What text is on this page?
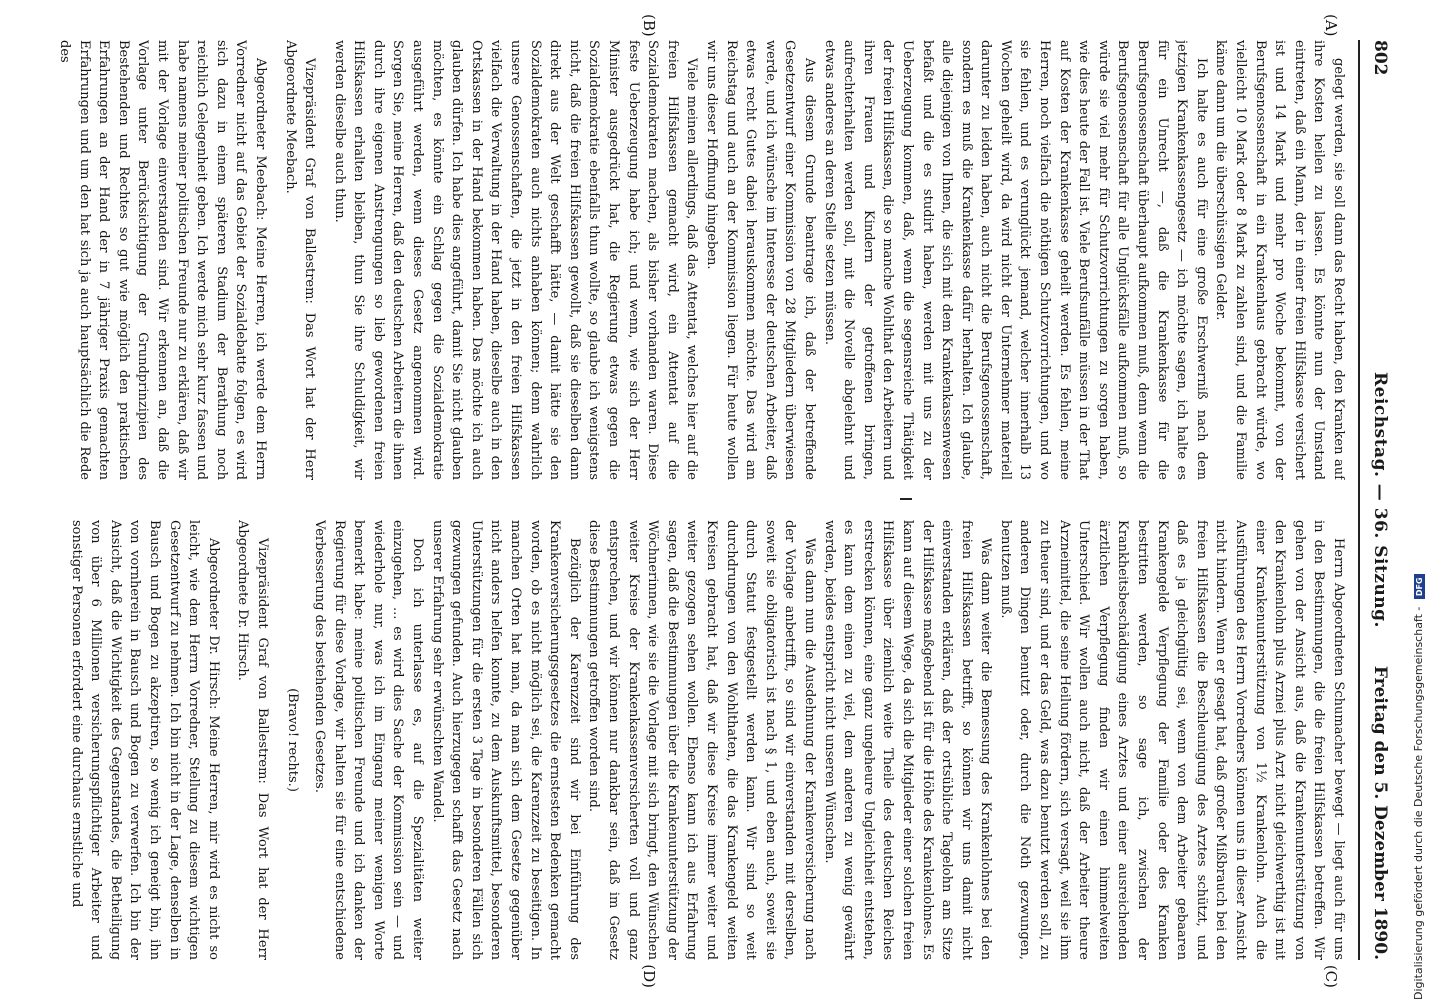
802
Reichstag. — 36. Sitzung.
Freitag den 5. Dezember 1890.
(A)
(B)
(C)
(D)

gelegt werden, sie soll dann das Recht haben, den Kranken auf ihre Kosten heilen zu lassen. Es könnte nun der Umstand eintreten, daß ein Mann, der in einer freien Hilfskasse versichert ist und 14 Mark und mehr pro Woche bekommt, von der Berufsgenossenschaft in ein Krankenhaus gebracht würde, wo vielleicht 10 Mark oder 8 Mark zu zahlen sind, und die Familie käme dann um die überschüssigen Gelder.

Ich halte es auch für eine große Erschwerniß nach dem jetzigen Krankenkassengesetz — ich möchte sagen, ich halte es für ein Unrecht —, daß die Krankenkasse für die Berufsgenossenschaft überhaupt aufkommen muß, denn wenn die Berufsgenossenschaft für alle Unglücksfälle aufkommen muß, so würde sie viel mehr für Schutzvorrichtungen zu sorgen haben, wie dies heute der Fall ist. Viele Berufsunfälle müssen in der That auf Kosten der Krankenkasse geheilt werden. Es fehlen, meine Herren, noch vielfach die nöthigen Schutzvorrichtungen, und wo sie fehlen, und es verunglückt jemand, welcher innerhalb 13 Wochen geheilt wird, da wird nicht der Unternehmer materiell darunter zu leiden haben, auch nicht die Berufsgenossenschaft, sondern es muß die Krankenkasse dafür herhalten. Ich glaube, alle diejenigen von Ihnen, die sich mit dem Krankenkassenwesen befaßt und die es studirt haben, werden mit uns zu der Ueberzeugung kommen, daß, wenn die segensreiche Thätigkeit der freien Hilfskassen, die so manche Wohlthat den Arbeitern und ihren Frauen und Kindern der getroffenen bringen, aufrechterhalten werden soll, mit die Novelle abgelehnt und etwas anderes an deren Stelle setzen müssen.

Aus diesem Grunde beantrage ich, daß der betreffende Gesetzentwurf einer Kommission von 28 Mitgliedern überwiesen werde, und ich wünsche im Interesse der deutschen Arbeiter, daß etwas recht Gutes dabei herauskommen möchte. Das wird am Reichstag und auch an der Kommission liegen. Für heute wollen wir uns dieser Hoffnung hingeben.

Viele meinen allerdings, daß das Attentat, welches hier auf die freien Hilfskassen gemacht wird, ein Attentat auf die Sozialdemokraten machen, als bisher vorhanden waren. Diese feste Ueberzeugung habe ich; und wenn, wie sich der Herr Minister ausgedrückt hat, die Regierung etwas gegen die Sozialdemokratie ebenfalls thun wollte, so glaube ich wenigstens nicht, daß die freien Hilfskassen gewollt, daß sie dieselben dann direkt aus der Welt geschafft hätte, — damit hätte sie den Sozialdemokraten auch nichts anhaben können; denn wahrlich unsere Genossenschaften, die jetzt in den freien Hilfskassen vielfach die Verwaltung in der Hand haben, dieselbe auch in den Ortskassen in der Hand bekommen haben. Das möchte ich auch glauben dürfen. Ich habe dies angeführt, damit Sie nicht glauben möchten, es könnte ein Schlag gegen die Sozialdemokratie ausgeführt werden, wenn dieses Gesetz angenommen wird. Sorgen Sie, meine Herren, daß den deutschen Arbeitern die ihnen durch ihre eigenen Anstrengungen so lieb gewordenen freien Hilfskassen erhalten bleiben, thun Sie ihre Schuldigkeit, wir werden dieselbe auch thun.

Vizepräsident Graf von Ballestrem: Das Wort hat der Herr Abgeordnete Meebach.

Abgeordneter Meebach: Meine Herren, ich werde dem Herrn Vorredner nicht auf das Gebiet der Sozialdebatte folgen, es wird sich dazu in einem späteren Stadium der Berathung noch reichlich Gelegenheit geben. Ich werde mich sehr kurz fassen und habe namens meiner politischen Freunde nur zu erklären, daß wir mit der Vorlage einverstanden sind. Wir erkennen an, daß die Vorlage unter Berücksichtigung der Grundprinzipien des Bestehenden und Rechtes so gut wie möglich den praktischen Erfahrungen an der Hand der in 7 jähriger Praxis gemachten Erfahrungen und um den hat sich ja auch hauptsächlich die Rede des

Herrn Abgeordneten Schumacher bewegt — liegt auch für uns in den Bestimmungen, die die freien Hilfskassen betreffen. Wir gehen von der Ansicht aus, daß die Krankenunterstützung von den Krankenlohn plus Arznei plus Arzt nicht gleichwerthig ist mit einer Krankenunterstützung von 1½ Krankenlohn. Auch die Ausführungen des Herrn Vorredners können uns in dieser Ansicht nicht hindern. Wenn er gesagt hat, daß großer Mißbrauch bei den freien Hilfskassen die Beschleunigung des Arztes schützt, und daß es ja gleichgültig sei, wenn von dem Arbeiter gebaaren Krankengelde Verpflegung der Familie oder des Kranken bestritten werden, so sage ich, zwischen der Krankheitsbeschädigung eines Arztes und einer ausreichenden ärztlichen Verpflegung finden wir einen himmelweiten Unterschied. Wir wollen auch nicht, daß der Arbeiter theure Arzneimittel, die seine Heilung fördern, sich versagt, weil sie ihm zu theuer sind, und er das Geld, was dazu benutzt werden soll, zu anderen Dingen benutzt oder, durch die Noth gezwungen, benutzen muß.

Was dann weiter die Bemessung des Krankenlohnes bei den freien Hilfskassen betrifft, so können wir uns damit nicht einverstanden erklären, daß der ortsübliche Tagelohn am Sitze der Hilfskasse maßgebend ist für die Höhe des Krankenlohnes. Es kann auf diesem Wege, da sich die Mitglieder einer solchen freien Hilfskasse über ziemlich weite Theile des deutschen Reiches erstrecken können, eine ganz ungeheure Ungleichheit entstehen, es kann dem einen zu viel, dem anderen zu wenig gewährt werden, beides entspricht nicht unseren Wünschen.

Was dann nun die Ausdehnung der Krankenversicherung nach der Vorlage anbetrifft, so sind wir einverstanden mit derselben, soweit sie obligatorisch ist nach § 1, und eben auch, soweit sie durch Statut festgestellt werden kann. Wir sind so weit durchdrungen von den Wohlthaten, die das Krankengeld weiten Kreisen gebracht hat, daß wir diese Kreise immer weiter und weiter gezogen sehen wollen. Ebenso kann ich aus Erfahrung sagen, daß die Bestimmungen über die Krankenunterstützung der Wöchnerinnen, wie sie die Vorlage mit sich bringt, den Wünschen weiter Kreise der Krankenkassenversicherten voll und ganz entsprechen, und wir können nur dankbar sein, daß im Gesetz diese Bestimmungen getroffen worden sind.

Bezüglich der Karenzzeit sind wir bei Einführung des Krankenversicherungsgesetzes die ernstesten Bedenken gemacht worden, ob es nicht möglich sei, die Karenzzeit zu beseitigen. In manchen Orten hat man, da man sich dem Gesetze gegenüber nicht anders helfen konnte, zu dem Auskunftsmittel, besonderen Unterstützungen für die ersten 3 Tage in besonderen Fällen sich gezwungen gefunden. Auch hierzugegen schafft das Gesetz nach unserer Erfahrung sehr erwünschten Wandel.

Doch ich unterlasse es, auf die Spezialitäten weiter einzugehen, ... es wird dies Sache der Kommission sein — und wiederhole nur, was ich im Eingang meiner wenigen Worte bemerkt habe: meine politischen Freunde und ich danken der Regierung für diese Vorlage, wir halten sie für eine entschiedene Verbesserung des bestehenden Gesetzes.

(Bravo! rechts.)

Vizepräsident Graf von Ballestrem: Das Wort hat der Herr Abgeordnete Dr. Hirsch.

Abgeordneter Dr. Hirsch: Meine Herren, mir wird es nicht so leicht, wie dem Herrn Vorredner, Stellung zu diesem wichtigen Gesetzentwurf zu nehmen. Ich bin nicht in der Lage, denselben in Bausch und Bogen zu akzeptiren, so wenig ich geneigt bin, ihn von vornherein in Bausch und Bogen zu verwerfen. Ich bin der Ansicht, daß die Wichtigkeit des Gegenstandes, die Betheiligung von über 6 Millionen versicherungspflichtiger Arbeiter und sonstiger Personen erfordert eine durchaus ernstliche und	Digitalisierung gefördert durch die Deutsche Forschungsgemeinschaft - DFG
